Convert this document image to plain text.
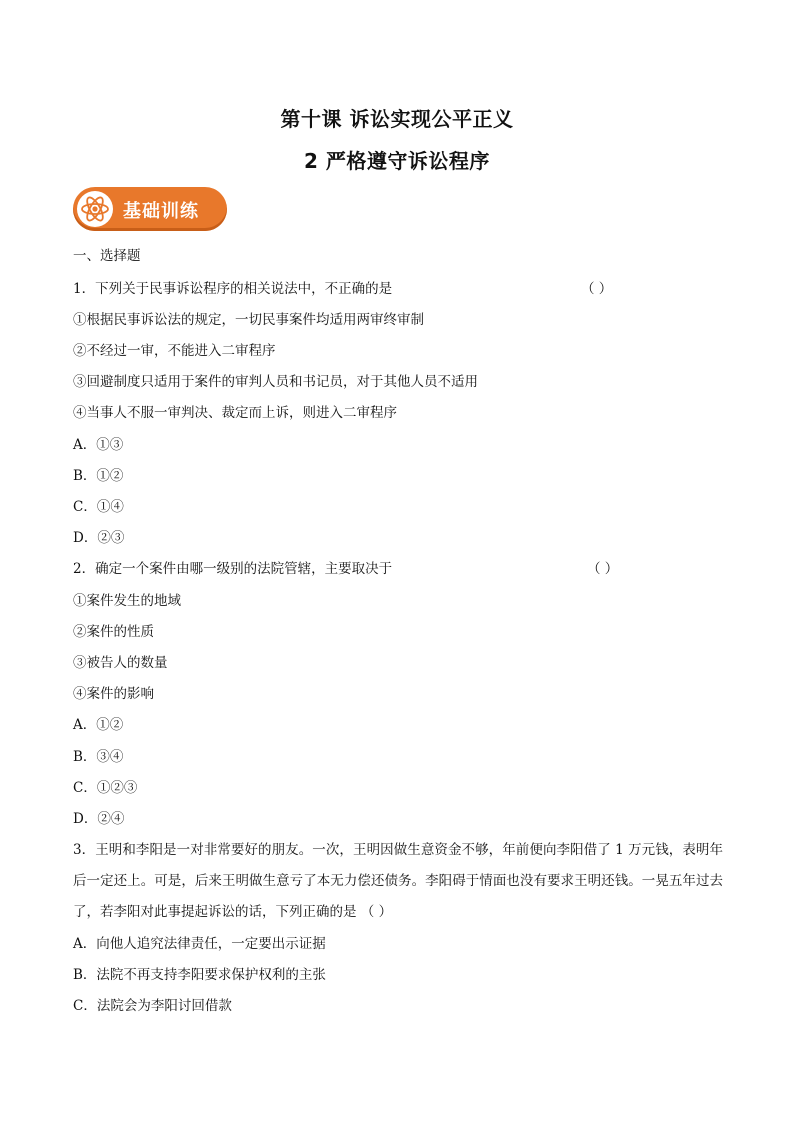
第十课 诉讼实现公平正义
2 严格遵守诉讼程序
基础训练
一、选择题
1．下列关于民事诉讼程序的相关说法中，不正确的是	（ ）
①根据民事诉讼法的规定，一切民事案件均适用两审终审制
②不经过一审，不能进入二审程序
③回避制度只适用于案件的审判人员和书记员，对于其他人员不适用
④当事人不服一审判决、裁定而上诉，则进入二审程序
A．①③
B．①②
C．①④
D．②③
2．确定一个案件由哪一级别的法院管辖，主要取决于	（ ）
①案件发生的地域
②案件的性质
③被告人的数量
④案件的影响
A．①②
B．③④
C．①②③
D．②④
3．王明和李阳是一对非常要好的朋友。一次，王明因做生意资金不够，年前便向李阳借了 1 万元钱，表明年后一定还上。可是，后来王明做生意亏了本无力偿还债务。李阳碍于情面也没有要求王明还钱。一晃五年过去了，若李阳对此事提起诉讼的话，下列正确的是 （ ）
A．向他人追究法律责任，一定要出示证据
B．法院不再支持李阳要求保护权利的主张
C．法院会为李阳讨回借款
